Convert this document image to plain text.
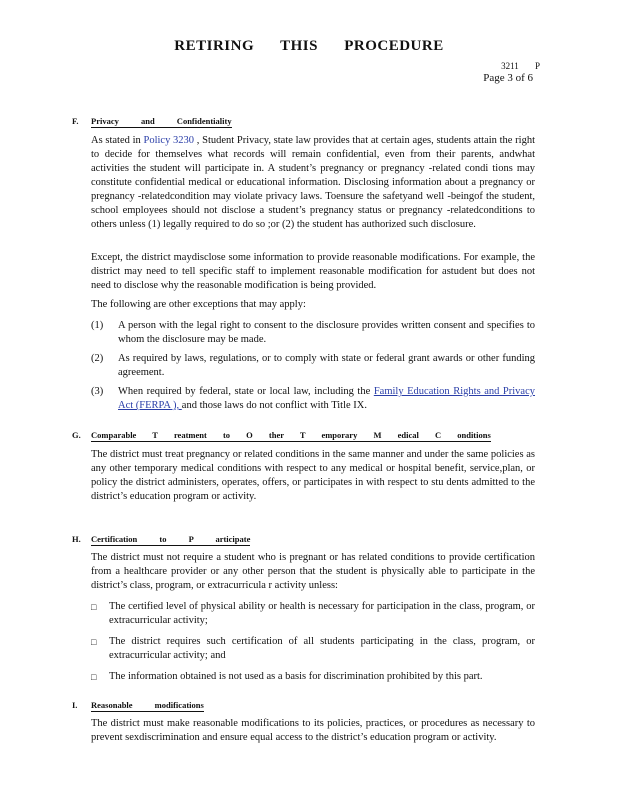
RETIRING THIS PROCEDURE
3211 P
Page 3 of 6
F. Privacy and Confidentiality

As stated in Policy 3230 , Student Privacy, state law provides that at certain ages, students attain the right to decide for themselves what records will remain confidential, even from their parents, andwhat activities the student will participate in. A student’s pregnancy or pregnancy -related condi tions may constitute confidential medical or educational information. Disclosing information about a pregnancy or pregnancy -relatedcondition may violate privacy laws. Toensure the safetyand well -beingof the student, school employees should not disclose a student’s pregnancy status or pregnancy -relatedconditions to others unless (1) legally required to do so ;or (2) the student has authorized such disclosure.

Except, the district maydisclose some information to provide reasonable modifications. For example, the district may need to tell specific staff to implement reasonable modification for astudent but does not need to disclose why the reasonable modification is being provided.

The following are other exceptions that may apply:

(1) A person with the legal right to consent to the disclosure provides written consent and specifies to whom the disclosure may be made.
(2) As required by laws, regulations, or to comply with state or federal grant awards or other funding agreement.
(3) When required by federal, state or local law, including the Family Education Rights and Privacy Act (FERPA ), and those laws do not conflict with Title IX.
G. Comparable T reatment to O ther T emporary M edical C onditions

The district must treat pregnancy or related conditions in the same manner and under the same policies as any other temporary medical conditions with respect to any medical or hospital benefit, service,plan, or policy the district administers, operates, offers, or participates in with respect to stu dents admitted to the district’s education program or activity.

H. Certification to P articipate

The district must not require a student who is pregnant or has related conditions to provide certification from a healthcare provider or any other person that the student is physically able to participate in the district’s class, program, or extracurricula r activity unless:

□ The certified level of physical ability or health is necessary for participation in the class, program, or extracurricular activity;
□ The district requires such certification of all students participating in the class, program, or extracurricular activity; and
□ The information obtained is not used as a basis for discrimination prohibited by this part.
I. Reasonable modifications

The district must make reasonable modifications to its policies, practices, or procedures as necessary to prevent sexdiscrimination and ensure equal access to the district’s education program or activity.
